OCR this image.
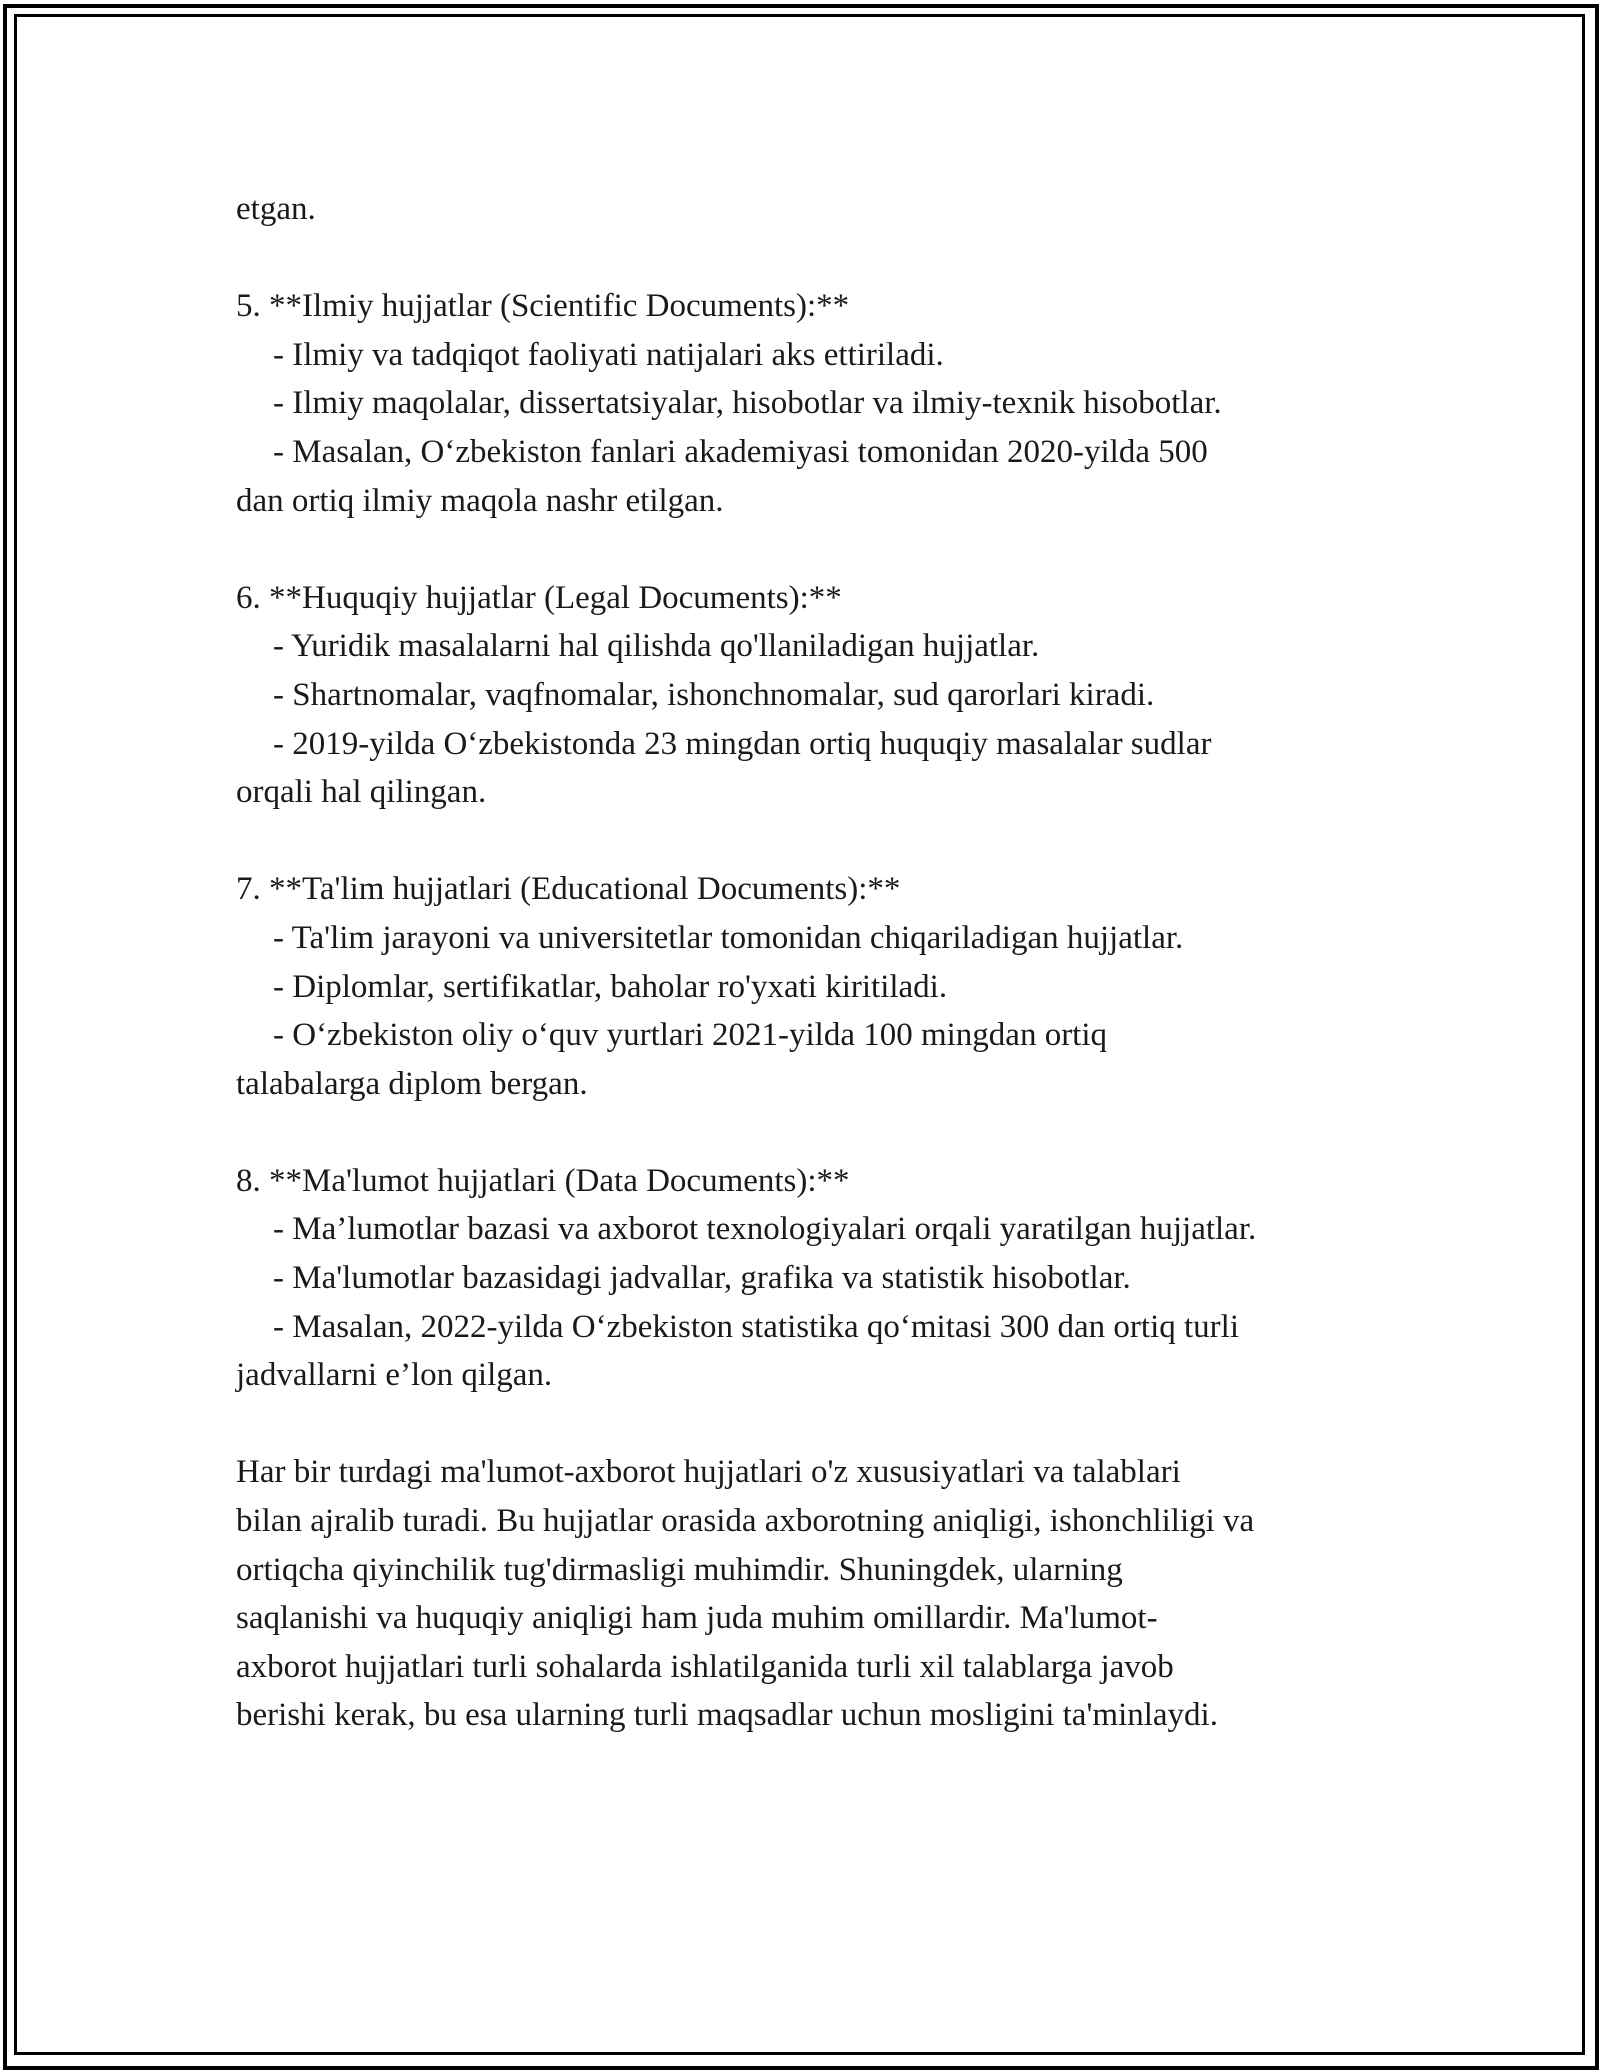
etgan.
5. **Ilmiy hujjatlar (Scientific Documents):**
- Ilmiy va tadqiqot faoliyati natijalari aks ettiriladi.
- Ilmiy maqolalar, dissertatsiyalar, hisobotlar va ilmiy-texnik hisobotlar.
- Masalan, O‘zbekiston fanlari akademiyasi tomonidan 2020-yilda 500
dan ortiq ilmiy maqola nashr etilgan.
6. **Huquqiy hujjatlar (Legal Documents):**
- Yuridik masalalarni hal qilishda qo'llaniladigan hujjatlar.
- Shartnomalar, vaqfnomalar, ishonchnomalar, sud qarorlari kiradi.
- 2019-yilda O‘zbekistonda 23 mingdan ortiq huquqiy masalalar sudlar
orqali hal qilingan.
7. **Ta'lim hujjatlari (Educational Documents):**
- Ta'lim jarayoni va universitetlar tomonidan chiqariladigan hujjatlar.
- Diplomlar, sertifikatlar, baholar ro'yxati kiritiladi.
- O‘zbekiston oliy o‘quv yurtlari 2021-yilda 100 mingdan ortiq
talabalarga diplom bergan.
8. **Ma'lumot hujjatlari (Data Documents):**
- Ma’lumotlar bazasi va axborot texnologiyalari orqali yaratilgan hujjatlar.
- Ma'lumotlar bazasidagi jadvallar, grafika va statistik hisobotlar.
- Masalan, 2022-yilda O‘zbekiston statistika qo‘mitasi 300 dan ortiq turli
jadvallarni e’lon qilgan.
Har bir turdagi ma'lumot-axborot hujjatlari o'z xususiyatlari va talablari
bilan ajralib turadi. Bu hujjatlar orasida axborotning aniqligi, ishonchliligi va
ortiqcha qiyinchilik tug'dirmasligi muhimdir. Shuningdek, ularning
saqlanishi va huquqiy aniqligi ham juda muhim omillardir. Ma'lumot-
axborot hujjatlari turli sohalarda ishlatilganida turli xil talablarga javob
berishi kerak, bu esa ularning turli maqsadlar uchun mosligini ta'minlaydi.
